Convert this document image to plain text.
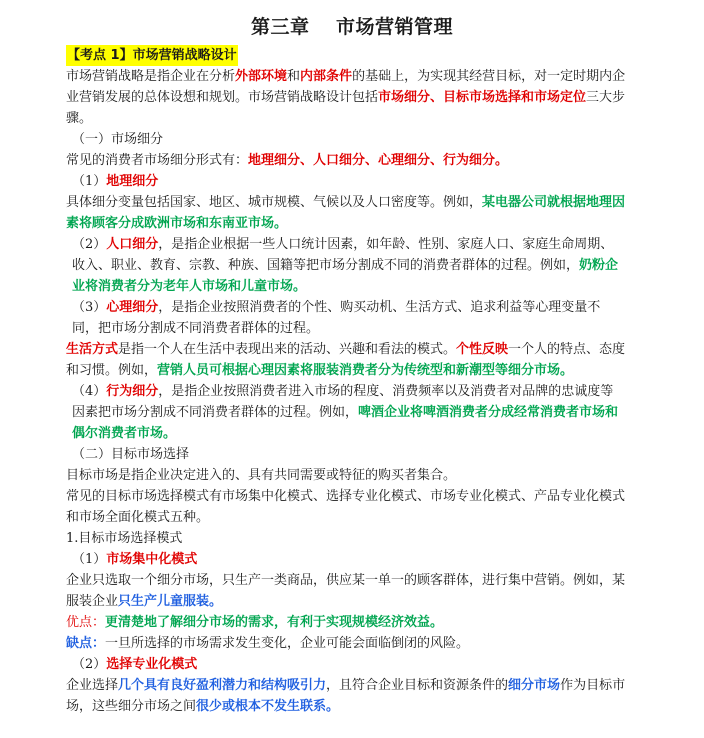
第三章　 市场营销管理

【考点 1】市场营销战略设计

市场营销战略是指企业在分析外部环境和内部条件的基础上，为实现其经营目标，对一定时期内企业营销发展的总体设想和规划。市场营销战略设计包括市场细分、目标市场选择和市场定位三大步骤。

（一）市场细分

常见的消费者市场细分形式有：地理细分、人口细分、心理细分、行为细分。

（1）地理细分

具体细分变量包括国家、地区、城市规模、气候以及人口密度等。例如，某电器公司就根据地理因素将顾客分成欧洲市场和东南亚市场。

（2）人口细分，是指企业根据一些人口统计因素，如年龄、性别、家庭人口、家庭生命周期、收入、职业、教育、宗教、种族、国籍等把市场分割成不同的消费者群体的过程。例如，奶粉企业将消费者分为老年人市场和儿童市场。

（3）心理细分，是指企业按照消费者的个性、购买动机、生活方式、追求利益等心理变量不同，把市场分割成不同消费者群体的过程。

生活方式是指一个人在生活中表现出来的活动、兴趣和看法的模式。个性反映一个人的特点、态度和习惯。例如，营销人员可根据心理因素将服装消费者分为传统型和新潮型等细分市场。

（4）行为细分，是指企业按照消费者进入市场的程度、消费频率以及消费者对品牌的忠诚度等因素把市场分割成不同消费者群体的过程。例如，啤酒企业将啤酒消费者分成经常消费者市场和偶尔消费者市场。

（二）目标市场选择

目标市场是指企业决定进入的、具有共同需要或特征的购买者集合。

常见的目标市场选择模式有市场集中化模式、选择专业化模式、市场专业化模式、产品专业化模式和市场全面化模式五种。

1.目标市场选择模式

（1）市场集中化模式

企业只选取一个细分市场，只生产一类商品，供应某一单一的顾客群体，进行集中营销。例如，某服装企业只生产儿童服装。

优点：更清楚地了解细分市场的需求，有利于实现规模经济效益。

缺点：一旦所选择的市场需求发生变化，企业可能会面临倒闭的风险。

（2）选择专业化模式

企业选择几个具有良好盈利潜力和结构吸引力，且符合企业目标和资源条件的细分市场作为目标市场，这些细分市场之间很少或根本不发生联系。
